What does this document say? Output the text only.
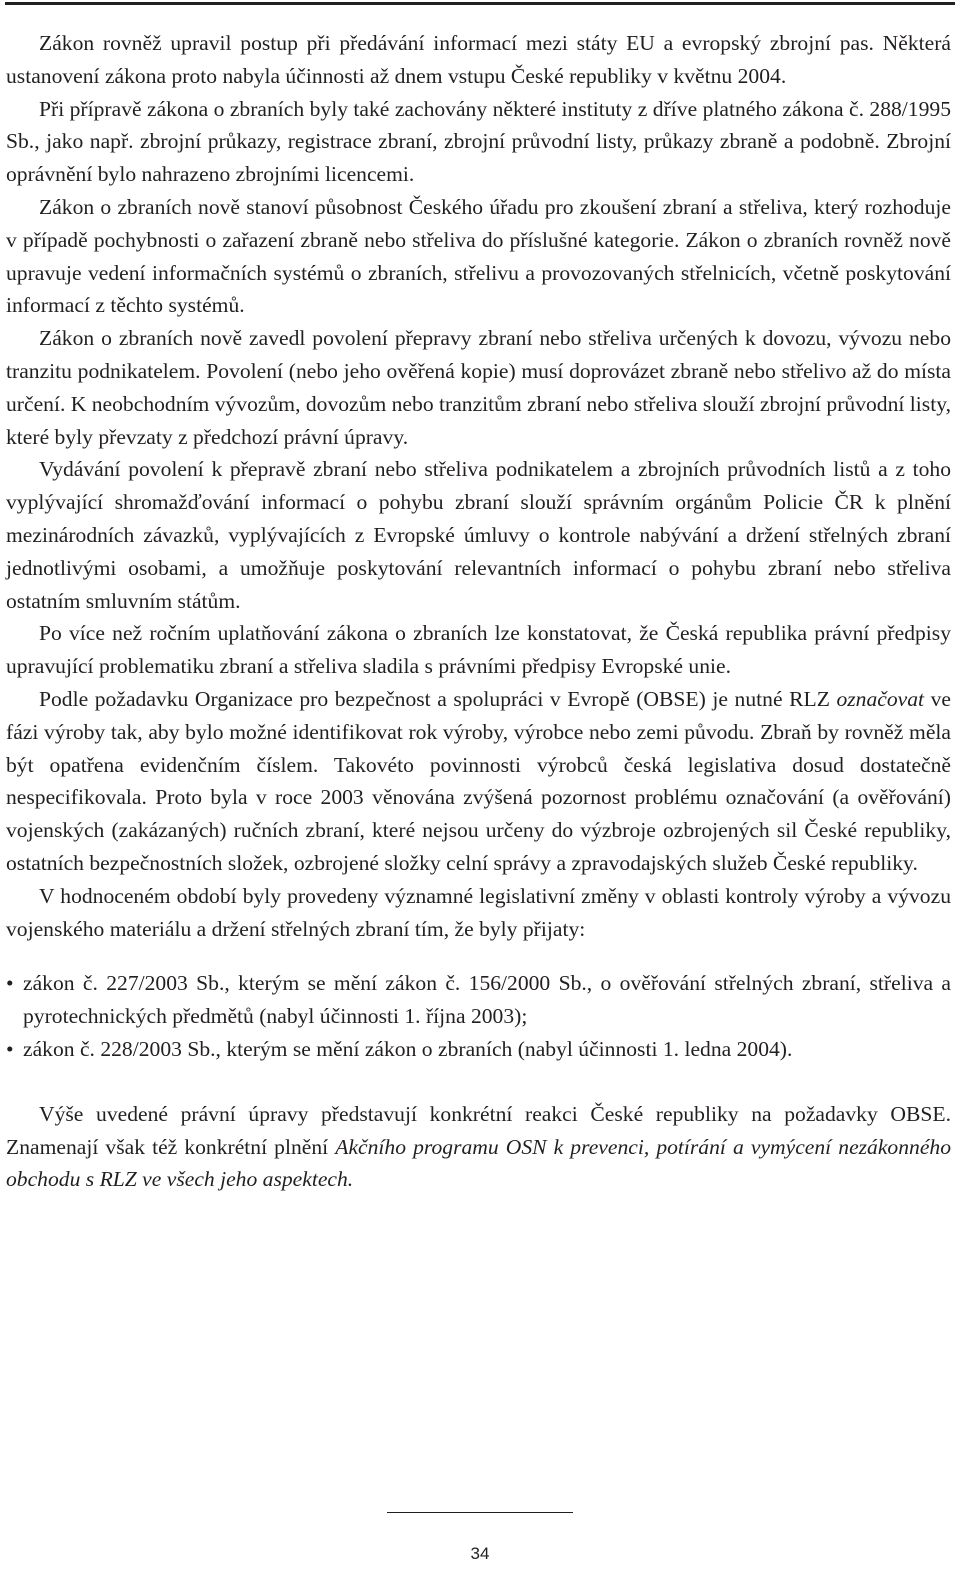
Zákon rovněž upravil postup při předávání informací mezi státy EU a evropský zbrojní pas. Některá ustanovení zákona proto nabyla účinnosti až dnem vstupu České republiky v květnu 2004.

Při přípravě zákona o zbraních byly také zachovány některé instituty z dříve platného zákona č. 288/1995 Sb., jako např. zbrojní průkazy, registrace zbraní, zbrojní průvodní listy, průkazy zbraně a podobně. Zbrojní oprávnění bylo nahrazeno zbrojními licencemi.

Zákon o zbraních nově stanoví působnost Českého úřadu pro zkoušení zbraní a střeliva, který rozhoduje v případě pochybnosti o zařazení zbraně nebo střeliva do příslušné kategorie. Zákon o zbraních rovněž nově upravuje vedení informačních systémů o zbraních, střelivu a provozovaných střelnicích, včetně poskytování informací z těchto systémů.

Zákon o zbraních nově zavedl povolení přepravy zbraní nebo střeliva určených k dovozu, vývozu nebo tranzitu podnikatelem. Povolení (nebo jeho ověřená kopie) musí doprovázet zbraně nebo střelivo až do místa určení. K neobchodním vývozům, dovozům nebo tranzitům zbraní nebo střeliva slouží zbrojní průvodní listy, které byly převzaty z předchozí právní úpravy.

Vydávání povolení k přepravě zbraní nebo střeliva podnikatelem a zbrojních průvodních listů a z toho vyplývající shromažďování informací o pohybu zbraní slouží správním orgánům Policie ČR k plnění mezinárodních závazků, vyplývajících z Evropské úmluvy o kontrole nabývání a držení střelných zbraní jednotlivými osobami, a umožňuje poskytování relevantních informací o pohybu zbraní nebo střeliva ostatním smluvním státům.

Po více než ročním uplatňování zákona o zbraních lze konstatovat, že Česká republika právní předpisy upravující problematiku zbraní a střeliva sladila s právními předpisy Evropské unie.

Podle požadavku Organizace pro bezpečnost a spolupráci v Evropě (OBSE) je nutné RLZ označovat ve fázi výroby tak, aby bylo možné identifikovat rok výroby, výrobce nebo zemi původu. Zbraň by rovněž měla být opatřena evidenčním číslem. Takovéto povinnosti výrobců česká legislativa dosud dostatečně nespecifikovala. Proto byla v roce 2003 věnována zvýšená pozornost problému označování (a ověřování) vojenských (zakázaných) ručních zbraní, které nejsou určeny do výzbroje ozbrojených sil České republiky, ostatních bezpečnostních složek, ozbrojené složky celní správy a zpravodajských služeb České republiky.

V hodnoceném období byly provedeny významné legislativní změny v oblasti kontroly výroby a vývozu vojenského materiálu a držení střelných zbraní tím, že byly přijaty:

• zákon č. 227/2003 Sb., kterým se mění zákon č. 156/2000 Sb., o ověřování střelných zbraní, střeliva a pyrotechnických předmětů (nabyl účinnosti 1. října 2003);
• zákon č. 228/2003 Sb., kterým se mění zákon o zbraních (nabyl účinnosti 1. ledna 2004).

Výše uvedené právní úpravy představují konkrétní reakci České republiky na požadavky OBSE. Znamenají však též konkrétní plnění Akčního programu OSN k prevenci, potírání a vymýcení nezákonného obchodu s RLZ ve všech jeho aspektech.

34
